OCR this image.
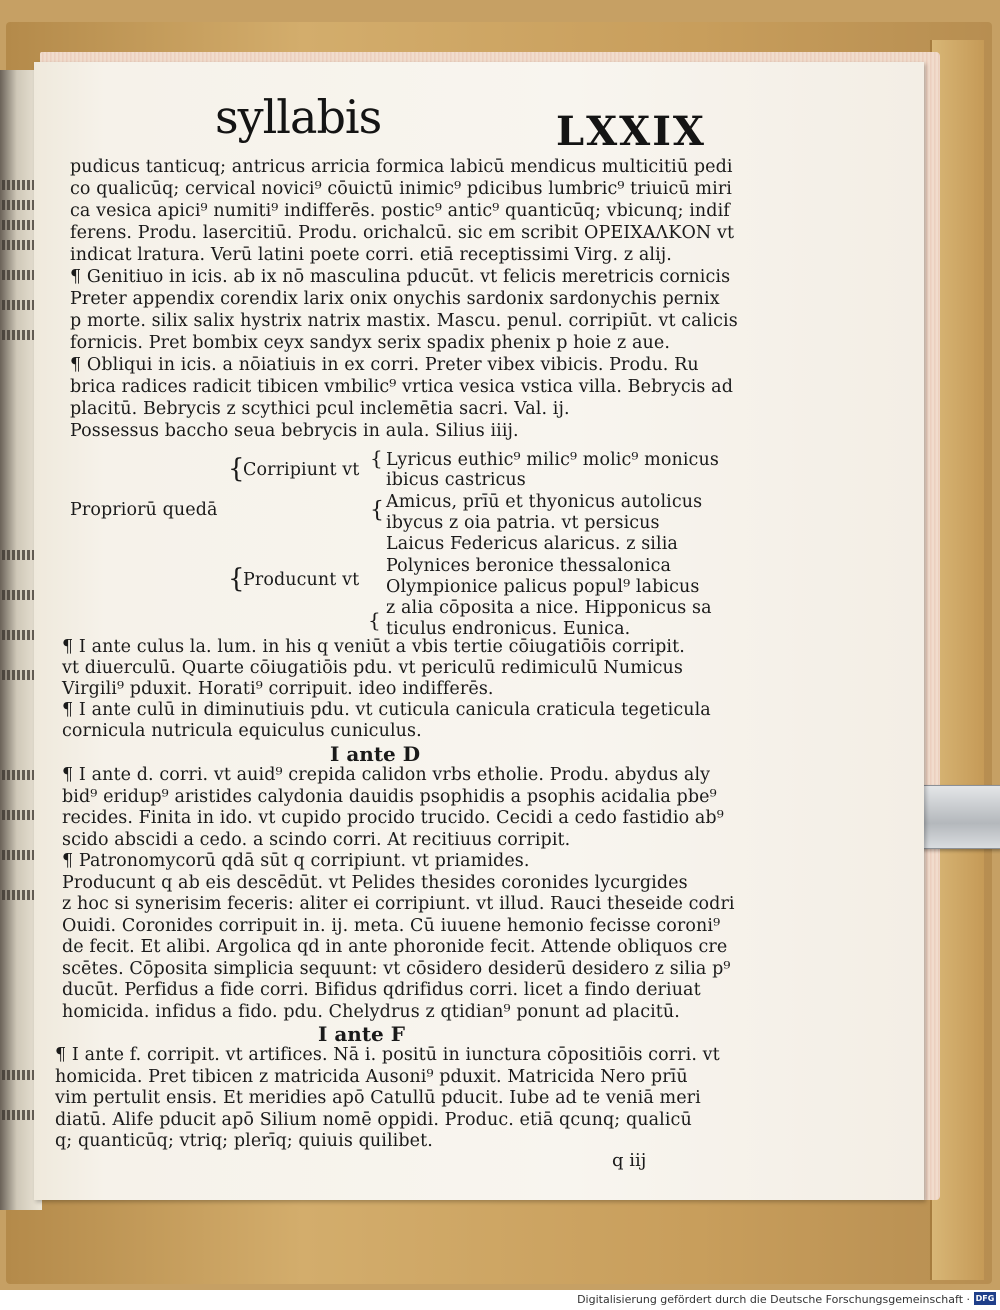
syllabis	LXXIX
pudicus tanticuq; antricus arricia formica labicū mendicus multicitiū pedi
co qualicūq; cervical novici⁹ cōuictū inimic⁹ pdicibus lumbric⁹ triuicū miri
ca vesica apici⁹ numiti⁹ indifferēs. postic⁹ antic⁹ quanticūq; vbicunq; indif
ferens. Produ. lasercitiū. Produ. orichalcū. sic em scribit ΟΡΕΙΧΑΛΚΟΝ vt
indicat lratura. Verū latini poete corri. etiā receptissimi Virg. z alij.
¶ Genitiuo in icis. ab ix nō masculina pducūt. vt felicis meretricis cornicis
Preter appendix corendix larix onix onychis sardonix sardonychis pernix
p morte. silix salix hystrix natrix mastix. Mascu. penul. corripiūt. vt calicis
fornicis. Pret bombix ceyx sandyx serix spadix phenix p hoie z aue.
¶ Obliqui in icis. a nōiatiuis in ex corri. Preter vibex vibicis. Produ. Ru
brica radices radicit tibicen vmbilic⁹ vrtica vesica vstica villa. Bebrycis ad
placitū. Bebrycis z scythici pcul inclemētia sacri. Val. ij.
Possessus baccho seua bebrycis in aula. Silius iiij.
{
{
{
{
{
Corripiunt vt
Propriorū quedā
Producunt vt
Lyricus euthic⁹ milic⁹ molic⁹ monicus
ibicus castricus
Amicus, prīū et thyonicus autolicus
ibycus z oia patria. vt persicus
Laicus Federicus alaricus. z silia
Polynices beronice thessalonica
Olympionice palicus popul⁹ labicus
z alia cōposita a nice. Hipponicus sa
ticulus endronicus. Eunica.
¶ I ante culus la. lum. in his q veniūt a vbis tertie cōiugatiōis corripit.
vt diuerculū. Quarte cōiugatiōis pdu. vt periculū redimiculū Numicus
Virgili⁹ pduxit. Horati⁹ corripuit. ideo indifferēs.
¶ I ante culū in diminutiuis pdu. vt cuticula canicula craticula tegeticula
cornicula nutricula equiculus cuniculus.
I ante D
¶ I ante d. corri. vt auid⁹ crepida calidon vrbs etholie. Produ. abydus aly
bid⁹ eridup⁹ aristides calydonia dauidis psophidis a psophis acidalia pbe⁹
recides. Finita in ido. vt cupido procido trucido. Cecidi a cedo fastidio ab⁹
scido abscidi a cedo. a scindo corri. At recitiuus corripit.
¶ Patronomycorū qdā sūt q corripiunt. vt priamides.
Producunt q ab eis descēdūt. vt Pelides thesides coronides lycurgides
z hoc si synerisim feceris: aliter ei corripiunt. vt illud. Rauci theseide codri
Ouidi. Coronides corripuit in. ij. meta. Cū iuuene hemonio fecisse coroni⁹
de fecit. Et alibi. Argolica qd in ante phoronide fecit. Attende obliquos cre
scētes. Cōposita simplicia sequunt: vt cōsidero desiderū desidero z silia p⁹
ducūt. Perfidus a fide corri. Bifidus qdrifidus corri. licet a findo deriuat
homicida. infidus a fido. pdu. Chelydrus z qtidian⁹ ponunt ad placitū.
I ante F
¶ I ante f. corripit. vt artifices. Nā i. positū in iunctura cōpositiōis corri. vt
homicida. Pret tibicen z matricida Ausoni⁹ pduxit. Matricida Nero prīū
vim pertulit ensis. Et meridies apō Catullū pducit. Iube ad te veniā meri
diatū. Alife pducit apō Silium nomē oppidi. Produc. etiā qcunq; qualicū
q; quanticūq; vtriq; plerīq; quiuis quilibet.
q iij
Digitalisierung gefördert durch die Deutsche Forschungsgemeinschaft · DFG
